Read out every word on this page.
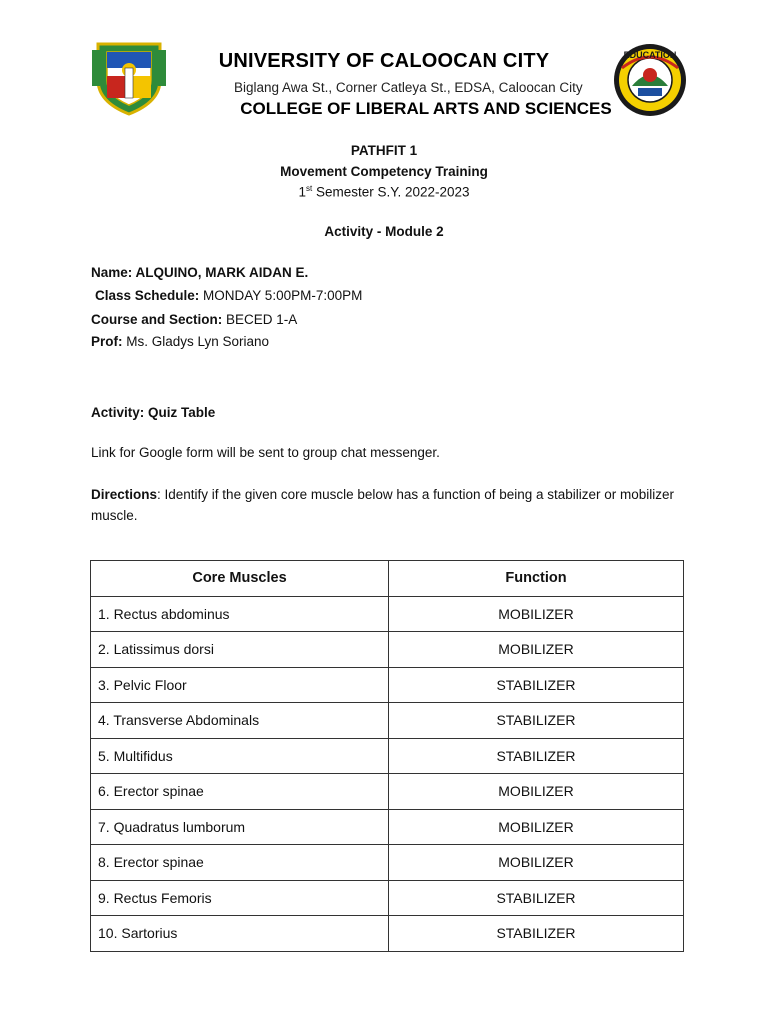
EDUCATION
UNIVERSITY OF CALOOCAN CITY
Biglang Awa St., Corner Catleya St., EDSA, Caloocan City
COLLEGE OF LIBERAL ARTS AND SCIENCES
PATHFIT 1
Movement Competency Training
1st Semester S.Y. 2022-2023
Activity - Module 2
Name: ALQUINO, MARK AIDAN E.
Class Schedule: MONDAY 5:00PM-7:00PM
Course and Section: BECED 1-A
Prof: Ms. Gladys Lyn Soriano
Activity: Quiz Table
Link for Google form will be sent to group chat messenger.
Directions: Identify if the given core muscle below has a function of being a stabilizer or mobilizer muscle.
Core Muscles	Function
1. Rectus abdominus	MOBILIZER
2. Latissimus dorsi	MOBILIZER
3. Pelvic Floor	STABILIZER
4. Transverse Abdominals	STABILIZER
5. Multifidus	STABILIZER
6. Erector spinae	MOBILIZER
7. Quadratus lumborum	MOBILIZER
8. Erector spinae	MOBILIZER
9. Rectus Femoris	STABILIZER
10. Sartorius	STABILIZER
